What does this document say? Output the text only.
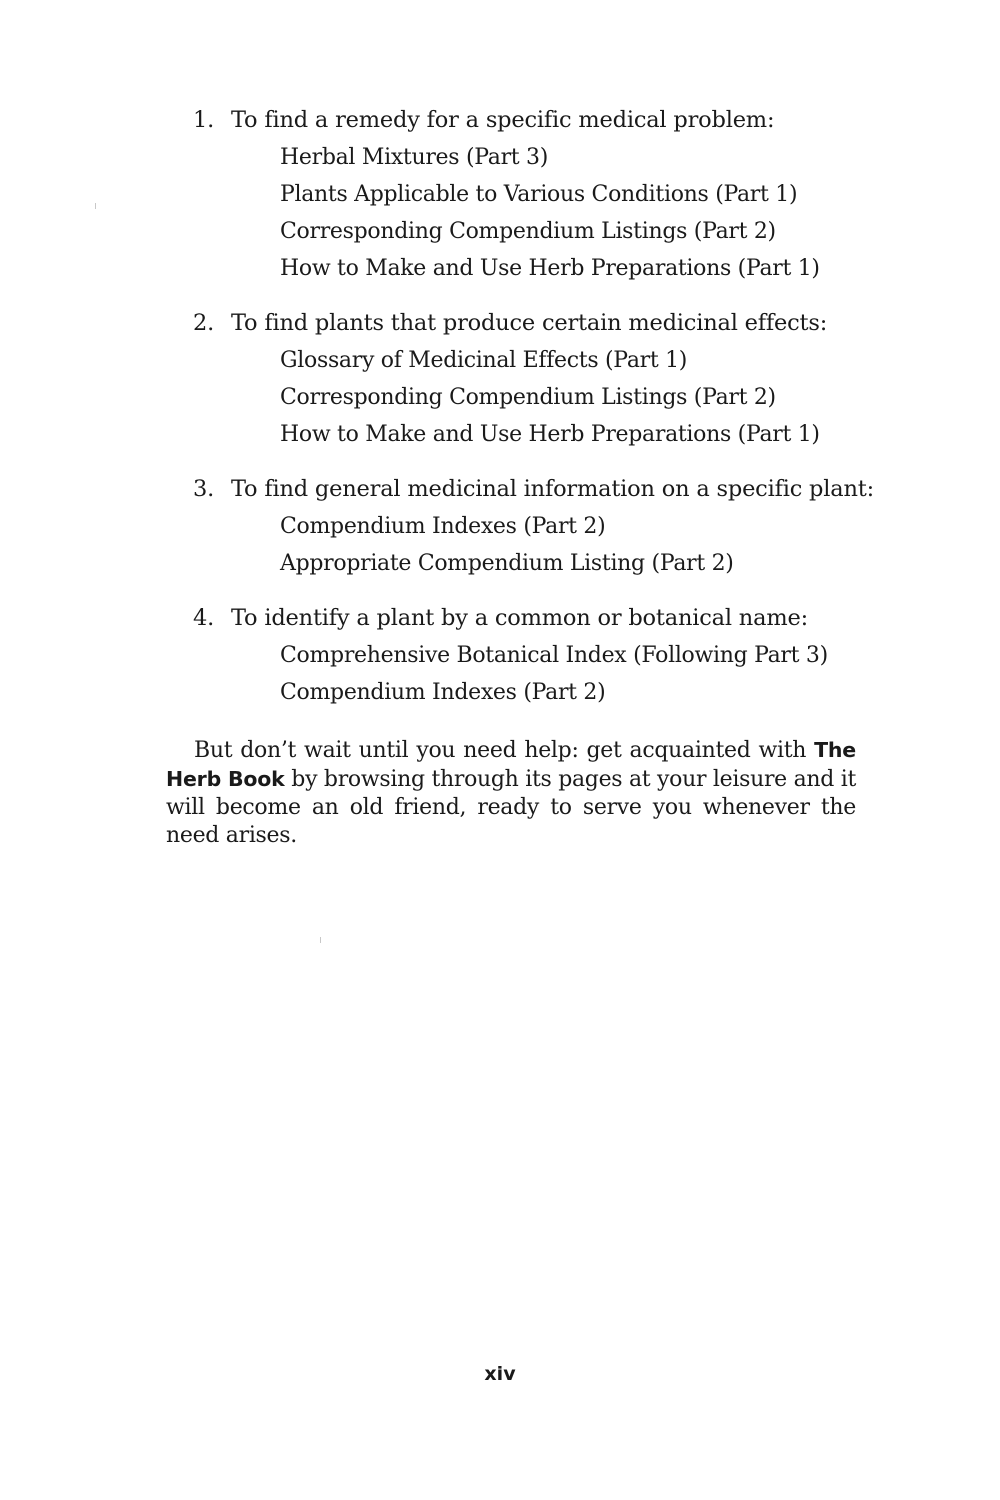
1. To find a remedy for a specific medical problem:
Herbal Mixtures (Part 3)
Plants Applicable to Various Conditions (Part 1)
Corresponding Compendium Listings (Part 2)
How to Make and Use Herb Preparations (Part 1)
2. To find plants that produce certain medicinal effects:
Glossary of Medicinal Effects (Part 1)
Corresponding Compendium Listings (Part 2)
How to Make and Use Herb Preparations (Part 1)
3. To find general medicinal information on a specific plant:
Compendium Indexes (Part 2)
Appropriate Compendium Listing (Part 2)
4. To identify a plant by a common or botanical name:
Comprehensive Botanical Index (Following Part 3)
Compendium Indexes (Part 2)

But don’t wait until you need help: get acquainted with The Herb Book by browsing through its pages at your leisure and it will become an old friend, ready to serve you whenever the need arises.

xiv
